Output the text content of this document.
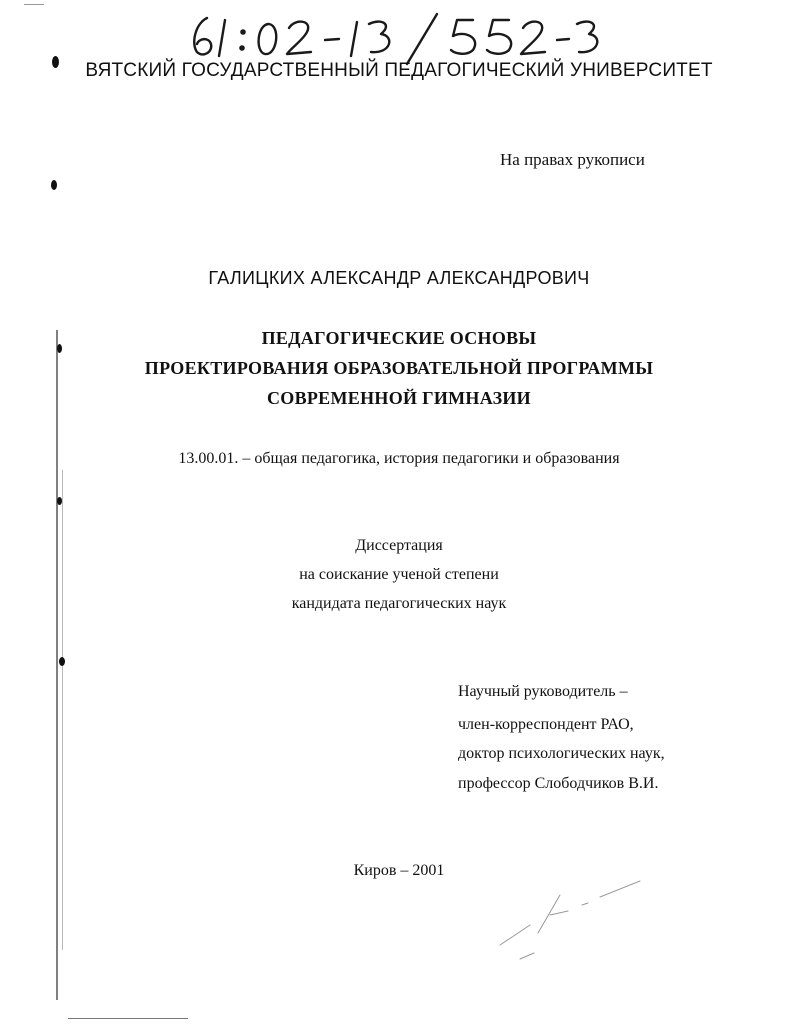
ВЯТСКИЙ ГОСУДАРСТВЕННЫЙ ПЕДАГОГИЧЕСКИЙ УНИВЕРСИТЕТ
На правах рукописи
ГАЛИЦКИХ АЛЕКСАНДР АЛЕКСАНДРОВИЧ
ПЕДАГОГИЧЕСКИЕ ОСНОВЫ
ПРОЕКТИРОВАНИЯ ОБРАЗОВАТЕЛЬНОЙ ПРОГРАММЫ
СОВРЕМЕННОЙ ГИМНАЗИИ
13.00.01. – общая педагогика, история педагогики и образования
Диссертация
на соискание ученой степени
кандидата педагогических наук
Научный руководитель –
член-корреспондент РАО,
доктор психологических наук,
профессор Слободчиков В.И.
Киров – 2001
